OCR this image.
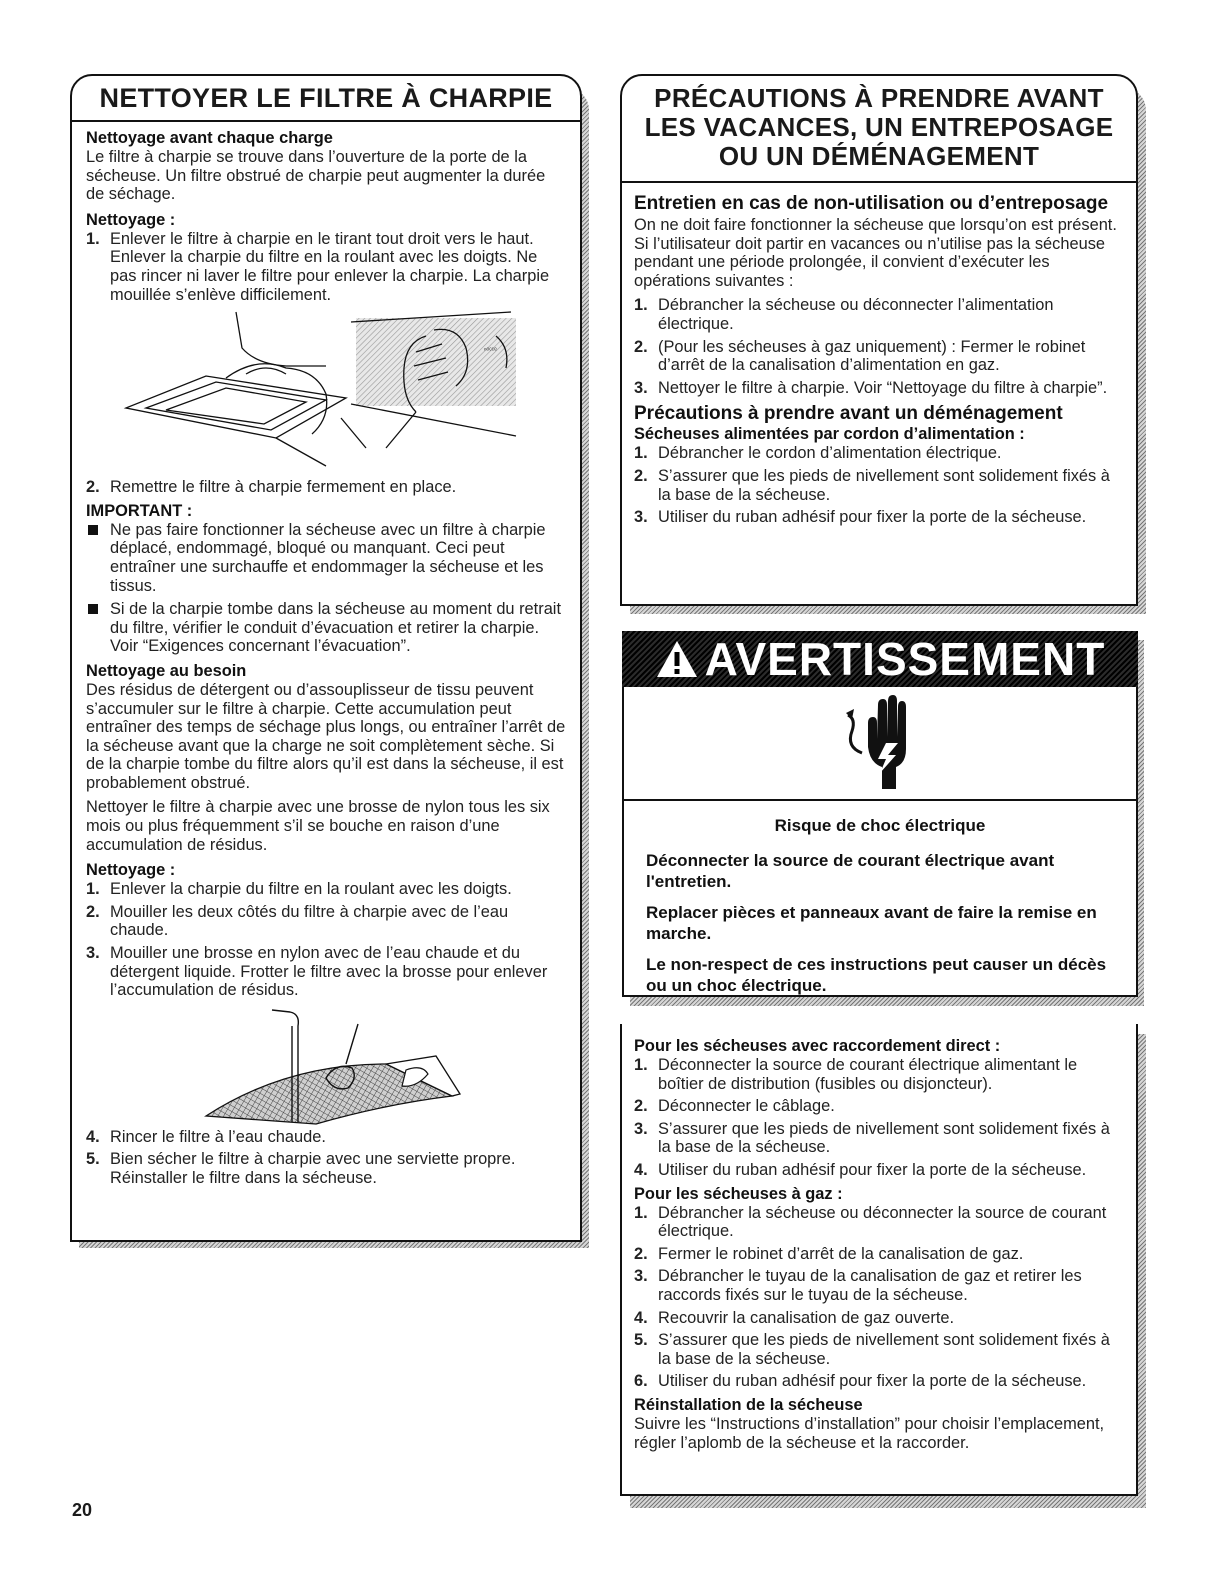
NETTOYER LE FILTRE À CHARPIE
Nettoyage avant chaque charge
Le filtre à charpie se trouve dans l’ouverture de la porte de la sécheuse. Un filtre obstrué de charpie peut augmenter la durée de séchage.
Nettoyage :
1. Enlever le filtre à charpie en le tirant tout droit vers le haut. Enlever la charpie du filtre en la roulant avec les doigts. Ne pas rincer ni laver le filtre pour enlever la charpie. La charpie mouillée s’enlève difficilement.
ⁿᵒᶜᶜᵉ
2. Remettre le filtre à charpie fermement en place.
IMPORTANT :
Ne pas faire fonctionner la sécheuse avec un filtre à charpie déplacé, endommagé, bloqué ou manquant. Ceci peut entraîner une surchauffe et endommager la sécheuse et les tissus.
Si de la charpie tombe dans la sécheuse au moment du retrait du filtre, vérifier le conduit d’évacuation et retirer la charpie. Voir “Exigences concernant l’évacuation”.
Nettoyage au besoin
Des résidus de détergent ou d’assouplisseur de tissu peuvent s’accumuler sur le filtre à charpie. Cette accumulation peut entraîner des temps de séchage plus longs, ou entraîner l’arrêt de la sécheuse avant que la charge ne soit complètement sèche. Si de la charpie tombe du filtre alors qu’il est dans la sécheuse, il est probablement obstrué.
Nettoyer le filtre à charpie avec une brosse de nylon tous les six mois ou plus fréquemment s’il se bouche en raison d’une accumulation de résidus.
Nettoyage :
1. Enlever la charpie du filtre en la roulant avec les doigts.
2. Mouiller les deux côtés du filtre à charpie avec de l’eau chaude.
3. Mouiller une brosse en nylon avec de l’eau chaude et du détergent liquide. Frotter le filtre avec la brosse pour enlever l’accumulation de résidus.
4. Rincer le filtre à l’eau chaude.
5. Bien sécher le filtre à charpie avec une serviette propre. Réinstaller le filtre dans la sécheuse.
PRÉCAUTIONS À PRENDRE AVANT
LES VACANCES, UN ENTREPOSAGE
OU UN DÉMÉNAGEMENT
Entretien en cas de non-utilisation ou d’entreposage
On ne doit faire fonctionner la sécheuse que lorsqu’on est présent. Si l’utilisateur doit partir en vacances ou n’utilise pas la sécheuse pendant une période prolongée, il convient d’exécuter les opérations suivantes :
1. Débrancher la sécheuse ou déconnecter l’alimentation électrique.
2. (Pour les sécheuses à gaz uniquement) : Fermer le robinet d’arrêt de la canalisation d’alimentation en gaz.
3. Nettoyer le filtre à charpie. Voir “Nettoyage du filtre à charpie”.
Précautions à prendre avant un déménagement
Sécheuses alimentées par cordon d’alimentation :
1. Débrancher le cordon d’alimentation électrique.
2. S’assurer que les pieds de nivellement sont solidement fixés à la base de la sécheuse.
3. Utiliser du ruban adhésif pour fixer la porte de la sécheuse.
AVERTISSEMENT
Risque de choc électrique
Déconnecter la source de courant électrique avant l'entretien.
Replacer pièces et panneaux avant de faire la remise en marche.
Le non-respect de ces instructions peut causer un décès ou un choc électrique.
Pour les sécheuses avec raccordement direct :
1. Déconnecter la source de courant électrique alimentant le boîtier de distribution (fusibles ou disjoncteur).
2. Déconnecter le câblage.
3. S’assurer que les pieds de nivellement sont solidement fixés à la base de la sécheuse.
4. Utiliser du ruban adhésif pour fixer la porte de la sécheuse.
Pour les sécheuses à gaz :
1. Débrancher la sécheuse ou déconnecter la source de courant électrique.
2. Fermer le robinet d’arrêt de la canalisation de gaz.
3. Débrancher le tuyau de la canalisation de gaz et retirer les raccords fixés sur le tuyau de la sécheuse.
4. Recouvrir la canalisation de gaz ouverte.
5. S’assurer que les pieds de nivellement sont solidement fixés à la base de la sécheuse.
6. Utiliser du ruban adhésif pour fixer la porte de la sécheuse.
Réinstallation de la sécheuse
Suivre les “Instructions d’installation” pour choisir l’emplacement, régler l’aplomb de la sécheuse et la raccorder.
20
